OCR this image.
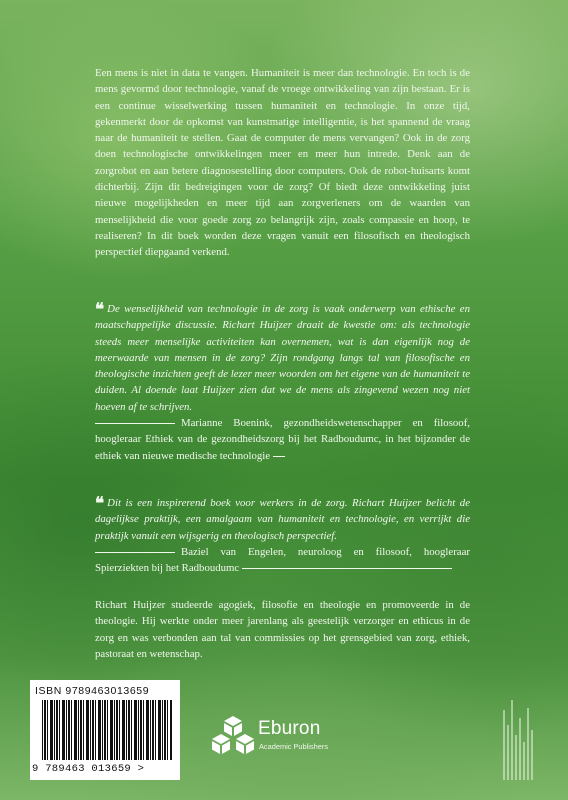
Een mens is niet in data te vangen. Humaniteit is meer dan technologie. En toch is de mens gevormd door technologie, vanaf de vroege ontwikkeling van zijn bestaan. Er is een continue wisselwerking tussen humaniteit en technologie. In onze tijd, gekenmerkt door de opkomst van kunstmatige intelligentie, is het spannend de vraag naar de humaniteit te stellen. Gaat de computer de mens vervangen? Ook in de zorg doen technologische ontwikkelingen meer en meer hun intrede. Denk aan de zorgrobot en aan betere diagnosestelling door computers. Ook de robot-huisarts komt dichterbij. Zijn dit bedreigingen voor de zorg? Of biedt deze ontwikkeling juist nieuwe mogelijkheden en meer tijd aan zorgverleners om de waarden van menselijkheid die voor goede zorg zo belangrijk zijn, zoals compassie en hoop, te realiseren? In dit boek worden deze vragen vanuit een filosofisch en theologisch perspectief diepgaand verkend.

❝ De wenselijkheid van technologie in de zorg is vaak onderwerp van ethische en maatschappelijke discussie. Richart Huijzer draait de kwestie om: als technologie steeds meer menselijke activiteiten kan overnemen, wat is dan eigenlijk nog de meerwaarde van mensen in de zorg? Zijn rondgang langs tal van filosofische en theologische inzichten geeft de lezer meer woorden om het eigene van de humaniteit te duiden. Al doende laat Huijzer zien dat we de mens als zingevend wezen nog niet hoeven af te schrijven.

Marianne Boenink, gezondheidswetenschapper en filosoof, hoogleraar Ethiek van de gezondheidszorg bij het Radboudumc, in het bijzonder de ethiek van nieuwe medische technologie

❝ Dit is een inspirerend boek voor werkers in de zorg. Richart Huijzer belicht de dagelijkse praktijk, een amalgaam van humaniteit en technologie, en verrijkt die praktijk vanuit een wijsgerig en theologisch perspectief.

Baziel van Engelen, neuroloog en filosoof, hoogleraar Spierziekten bij het Radboudumc

Richart Huijzer studeerde agogiek, filosofie en theologie en promoveerde in de theologie. Hij werkte onder meer jarenlang als geestelijk verzorger en ethicus in de zorg en was verbonden aan tal van commissies op het grensgebied van zorg, ethiek, pastoraat en wetenschap.

ISBN 9789463013659
9 789463 013659 >
Eburon
Academic Publishers
